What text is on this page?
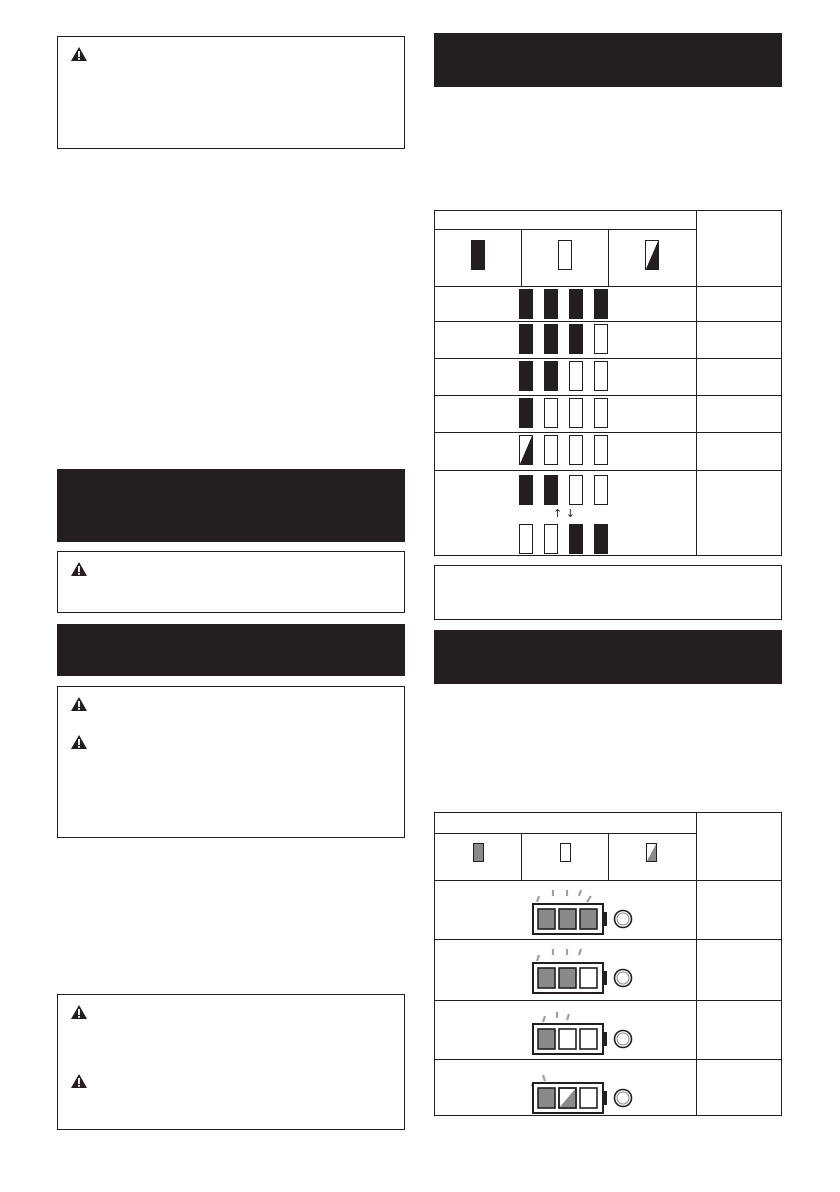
↑ ↓
